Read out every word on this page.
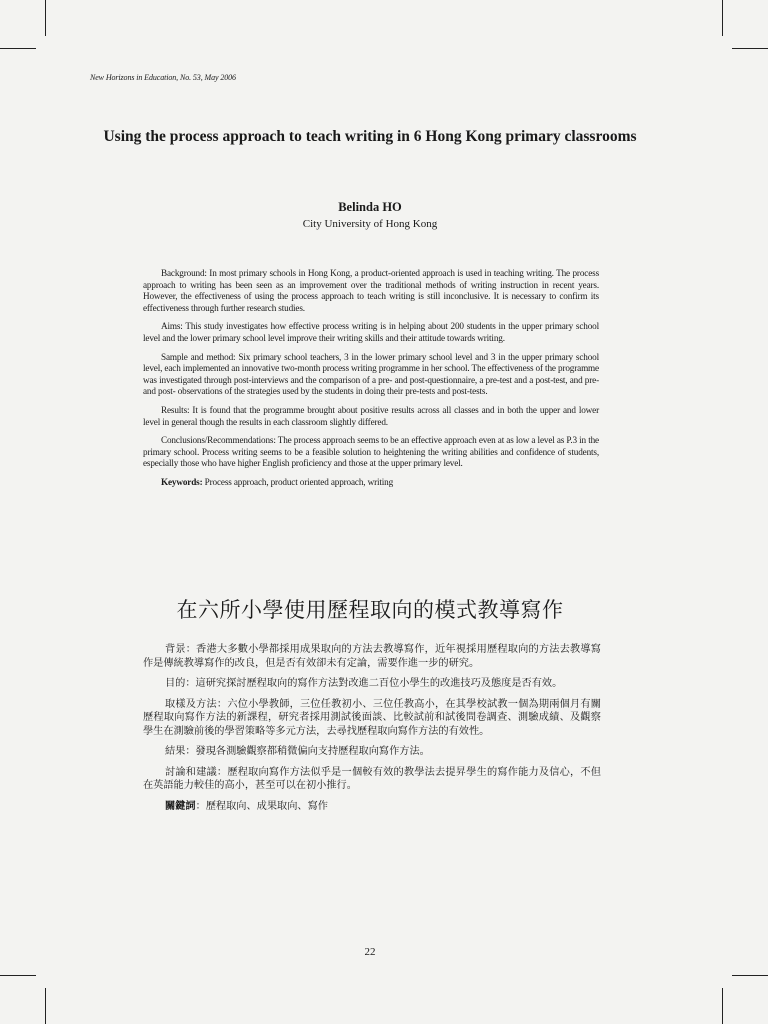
New Horizons in Education, No. 53, May 2006
Using the process approach to teach writing in 6 Hong Kong primary classrooms
Belinda HO
City University of Hong Kong

Background: In most primary schools in Hong Kong, a product-oriented approach is used in teaching writing. The process approach to writing has been seen as an improvement over the traditional methods of writing instruction in recent years. However, the effectiveness of using the process approach to teach writing is still inconclusive. It is necessary to confirm its effectiveness through further research studies.

Aims: This study investigates how effective process writing is in helping about 200 students in the upper primary school level and the lower primary school level improve their writing skills and their attitude towards writing.

Sample and method: Six primary school teachers, 3 in the lower primary school level and 3 in the upper primary school level, each implemented an innovative two-month process writing programme in her school. The effectiveness of the programme was investigated through post-interviews and the comparison of a pre- and post-questionnaire, a pre-test and a post-test, and pre- and post- observations of the strategies used by the students in doing their pre-tests and post-tests.

Results: It is found that the programme brought about positive results across all classes and in both the upper and lower level in general though the results in each classroom slightly differed.

Conclusions/Recommendations: The process approach seems to be an effective approach even at as low a level as P.3 in the primary school. Process writing seems to be a feasible solution to heightening the writing abilities and confidence of students, especially those who have higher English proficiency and those at the upper primary level.

Keywords: Process approach, product oriented approach, writing

在六所小學使用歷程取向的模式教導寫作

背景：香港大多數小學都採用成果取向的方法去教導寫作，近年視採用歷程取向的方法去教導寫作是傳統教導寫作的改良，但是否有效卻未有定論，需要作進一步的研究。

目的：這研究探討歷程取向的寫作方法對改進二百位小學生的改進技巧及態度是否有效。

取樣及方法：六位小學教師，三位任教初小、三位任教高小，在其學校試教一個為期兩個月有關歷程取向寫作方法的新課程，研究者採用測試後面談、比較試前和試後問卷調查、測驗成績、及觀察學生在測驗前後的學習策略等多元方法，去尋找歷程取向寫作方法的有效性。

結果：發現各測驗觀察都稍微偏向支持歷程取向寫作方法。

討論和建議：歷程取向寫作方法似乎是一個較有效的教學法去提昇學生的寫作能力及信心，不但在英語能力較佳的高小，甚至可以在初小推行。

關鍵詞：歷程取向、成果取向、寫作

22
